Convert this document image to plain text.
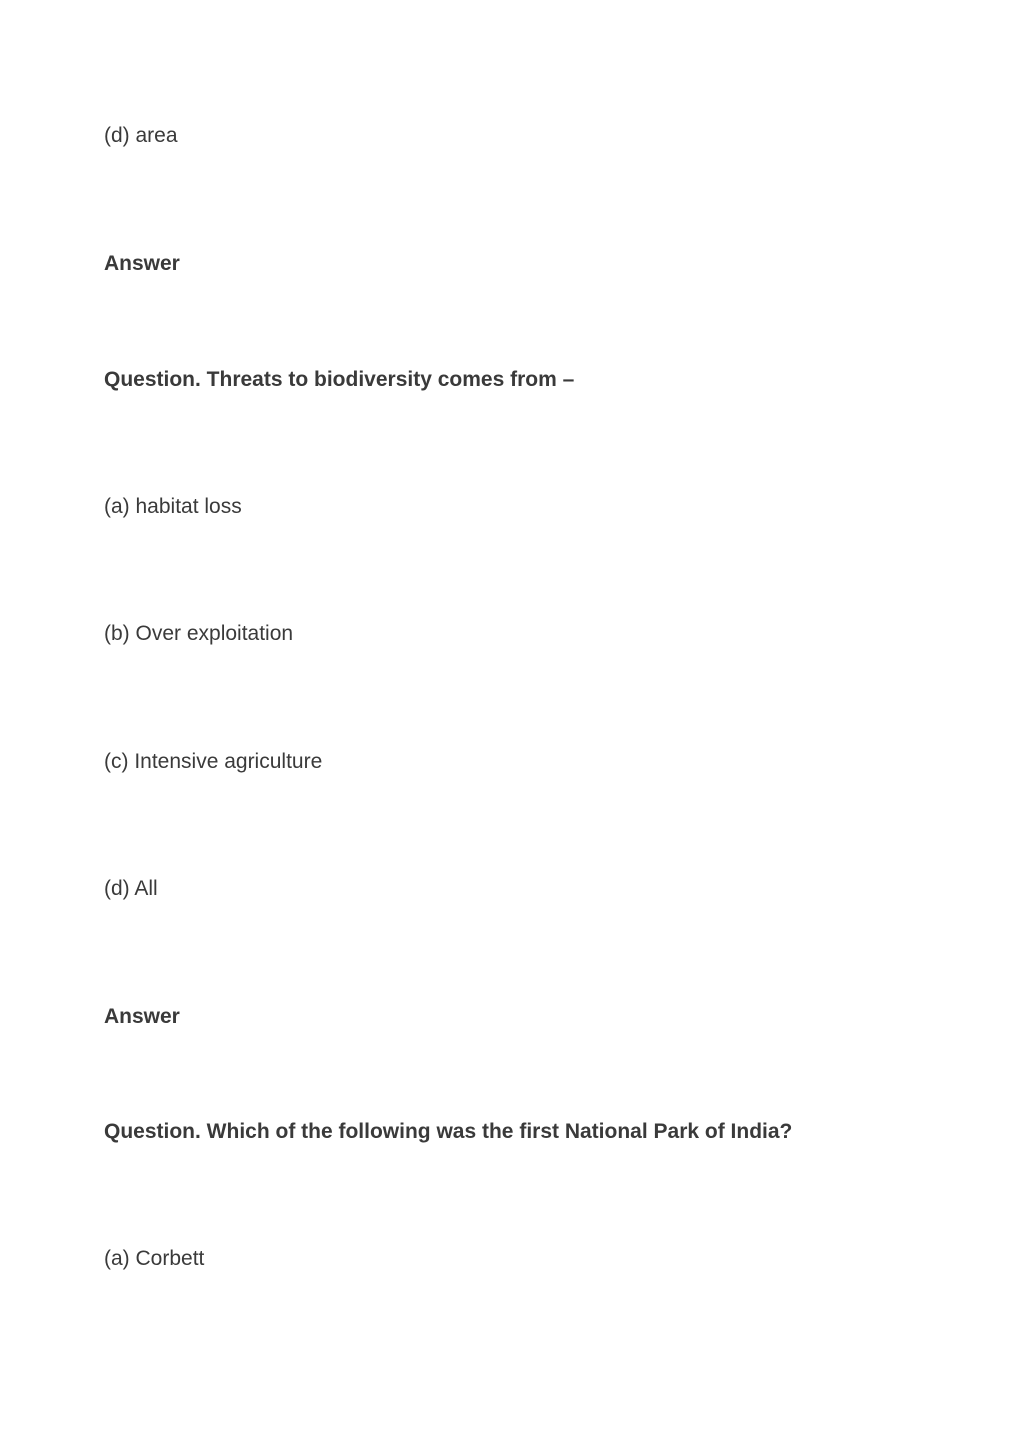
(d) area
Answer
Question. Threats to biodiversity comes from –
(a) habitat loss
(b) Over exploitation
(c) Intensive agriculture
(d) All
Answer
Question. Which of the following was the first National Park of India?
(a) Corbett
